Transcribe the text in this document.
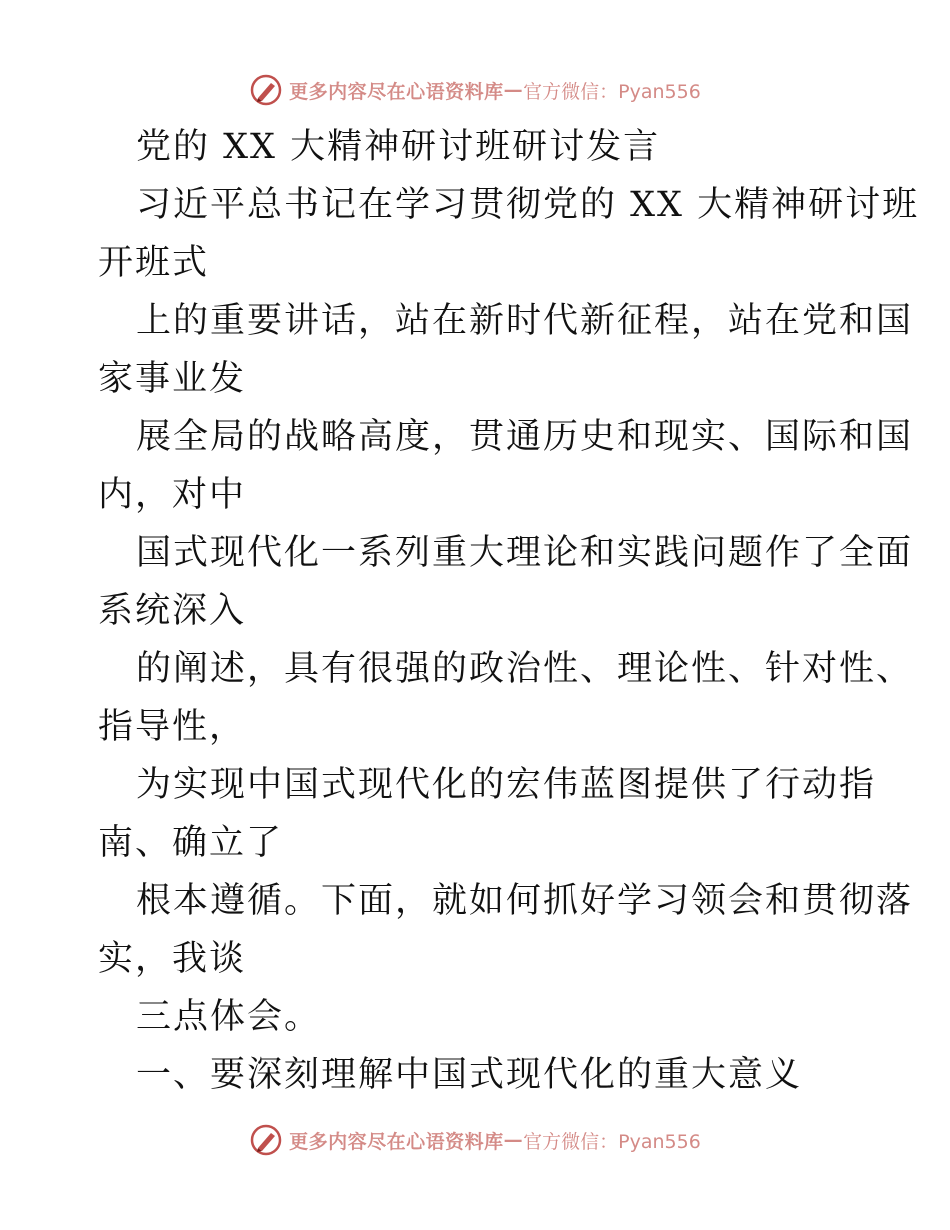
更多内容尽在心语资料库 — 官方微信：Pyan556
党的 XX 大精神研讨班研讨发言
习近平总书记在学习贯彻党的 XX 大精神研讨班
开班式
上的重要讲话，站在新时代新征程，站在党和国
家事业发
展全局的战略高度，贯通历史和现实、国际和国
内，对中
国式现代化一系列重大理论和实践问题作了全面
系统深入
的阐述，具有很强的政治性、理论性、针对性、
指导性，
为实现中国式现代化的宏伟蓝图提供了行动指
南、确立了
根本遵循。下面，就如何抓好学习领会和贯彻落
实，我谈
三点体会。
一、要深刻理解中国式现代化的重大意义
更多内容尽在心语资料库 — 官方微信：Pyan556
